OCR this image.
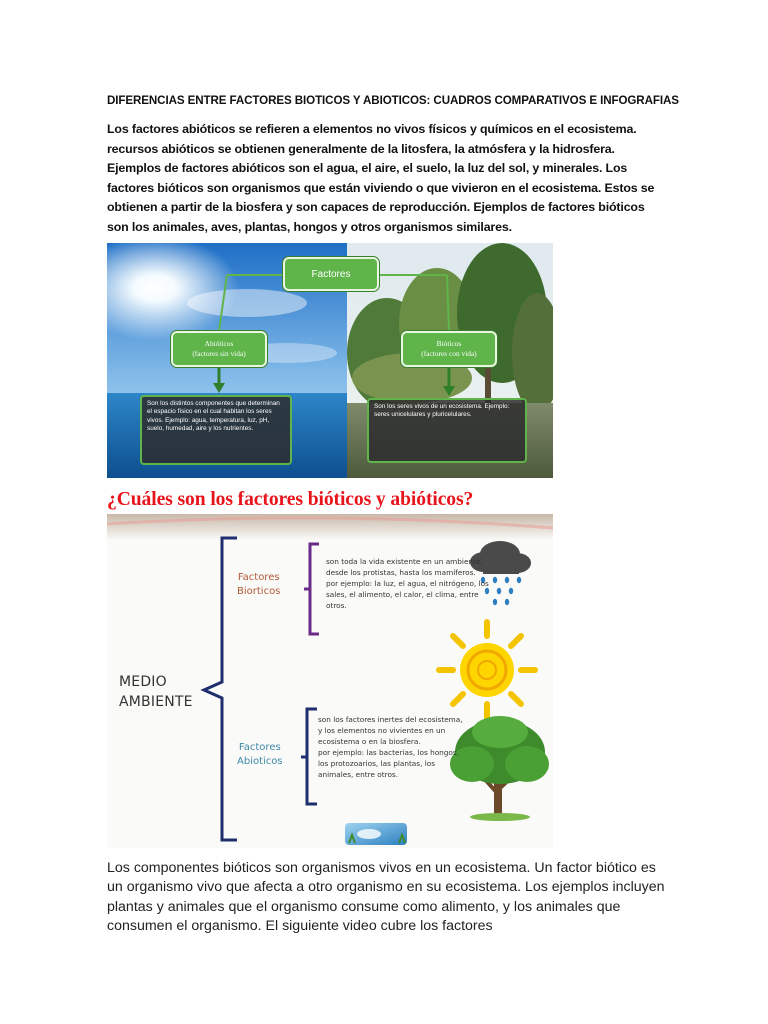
DIFERENCIAS ENTRE FACTORES BIOTICOS Y ABIOTICOS: CUADROS COMPARATIVOS E INFOGRAFIAS

Los factores abióticos se refieren a elementos no vivos físicos y químicos en el ecosistema. recursos abióticos se obtienen generalmente de la litosfera, la atmósfera y la hidrosfera. Ejemplos de factores abióticos son el agua, el aire, el suelo, la luz del sol, y minerales. Los factores bióticos son organismos que están viviendo o que vivieron en el ecosistema. Estos se obtienen a partir de la biosfera y son capaces de reproducción. Ejemplos de factores bióticos son los animales, aves, plantas, hongos y otros organismos similares.

Factores
Abióticos
(factores sin vida)
Bióticos
(factores con vida)
Son los distintos componentes que determinan el espacio físico en el cual habitan los seres vivos. Ejemplo: agua, temperatura, luz, pH, suelo, humedad, aire y los nutrientes.
Son los seres vivos de un ecosistema. Ejemplo: seres unicelulares y pluricelulares.
¿Cuáles son los factores bióticos y abióticos?
MEDIO
AMBIENTE
Factores
Biorticos

son toda la vida existente en un ambiente, desde los protistas, hasta los mamíferos.
por ejemplo: la luz, el agua, el nitrógeno, los sales, el alimento, el calor, el clima, entre otros.

Factores
Abioticos

son los factores inertes del ecosistema, y los elementos no vivientes en un ecosistema o en la biosfera.
por ejemplo: las bacterias, los hongos, los protozoarios, las plantas, los animales, entre otros.

Los componentes bióticos son organismos vivos en un ecosistema. Un factor biótico es un organismo vivo que afecta a otro organismo en su ecosistema. Los ejemplos incluyen plantas y animales que el organismo consume como alimento, y los animales que consumen el organismo. El siguiente video cubre los factores
